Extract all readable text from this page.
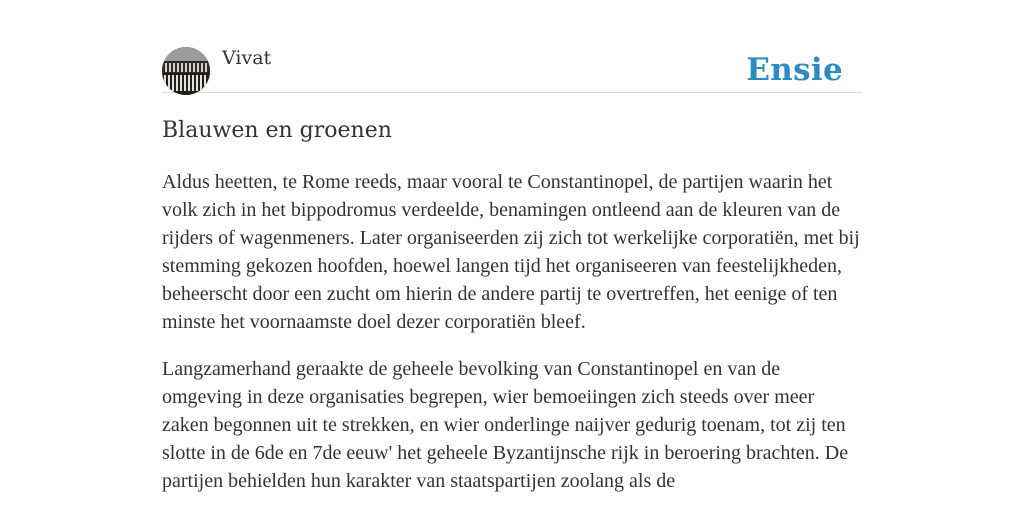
Vivat	Ensie
Blauwen en groenen

Aldus heetten, te Rome reeds, maar vooral te Constantinopel, de partijen waarin het volk zich in het bippodromus verdeelde, benamingen ontleend aan de kleuren van de rijders of wagenmeners. Later organiseerden zij zich tot werkelijke corporatiën, met bij stemming gekozen hoofden, hoewel langen tijd het organiseeren van feestelijkheden, beheerscht door een zucht om hierin de andere partij te overtreffen, het eenige of ten minste het voornaamste doel dezer corporatiën bleef.

Langzamerhand geraakte de geheele bevolking van Constantinopel en van de omgeving in deze organisaties begrepen, wier bemoeiingen zich steeds over meer zaken begonnen uit te strekken, en wier onderlinge naijver gedurig toenam, tot zij ten slotte in de 6de en 7de eeuw' het geheele Byzantijnsche rijk in beroering brachten. De partijen behielden hun karakter van staatspartijen zoolang als de
